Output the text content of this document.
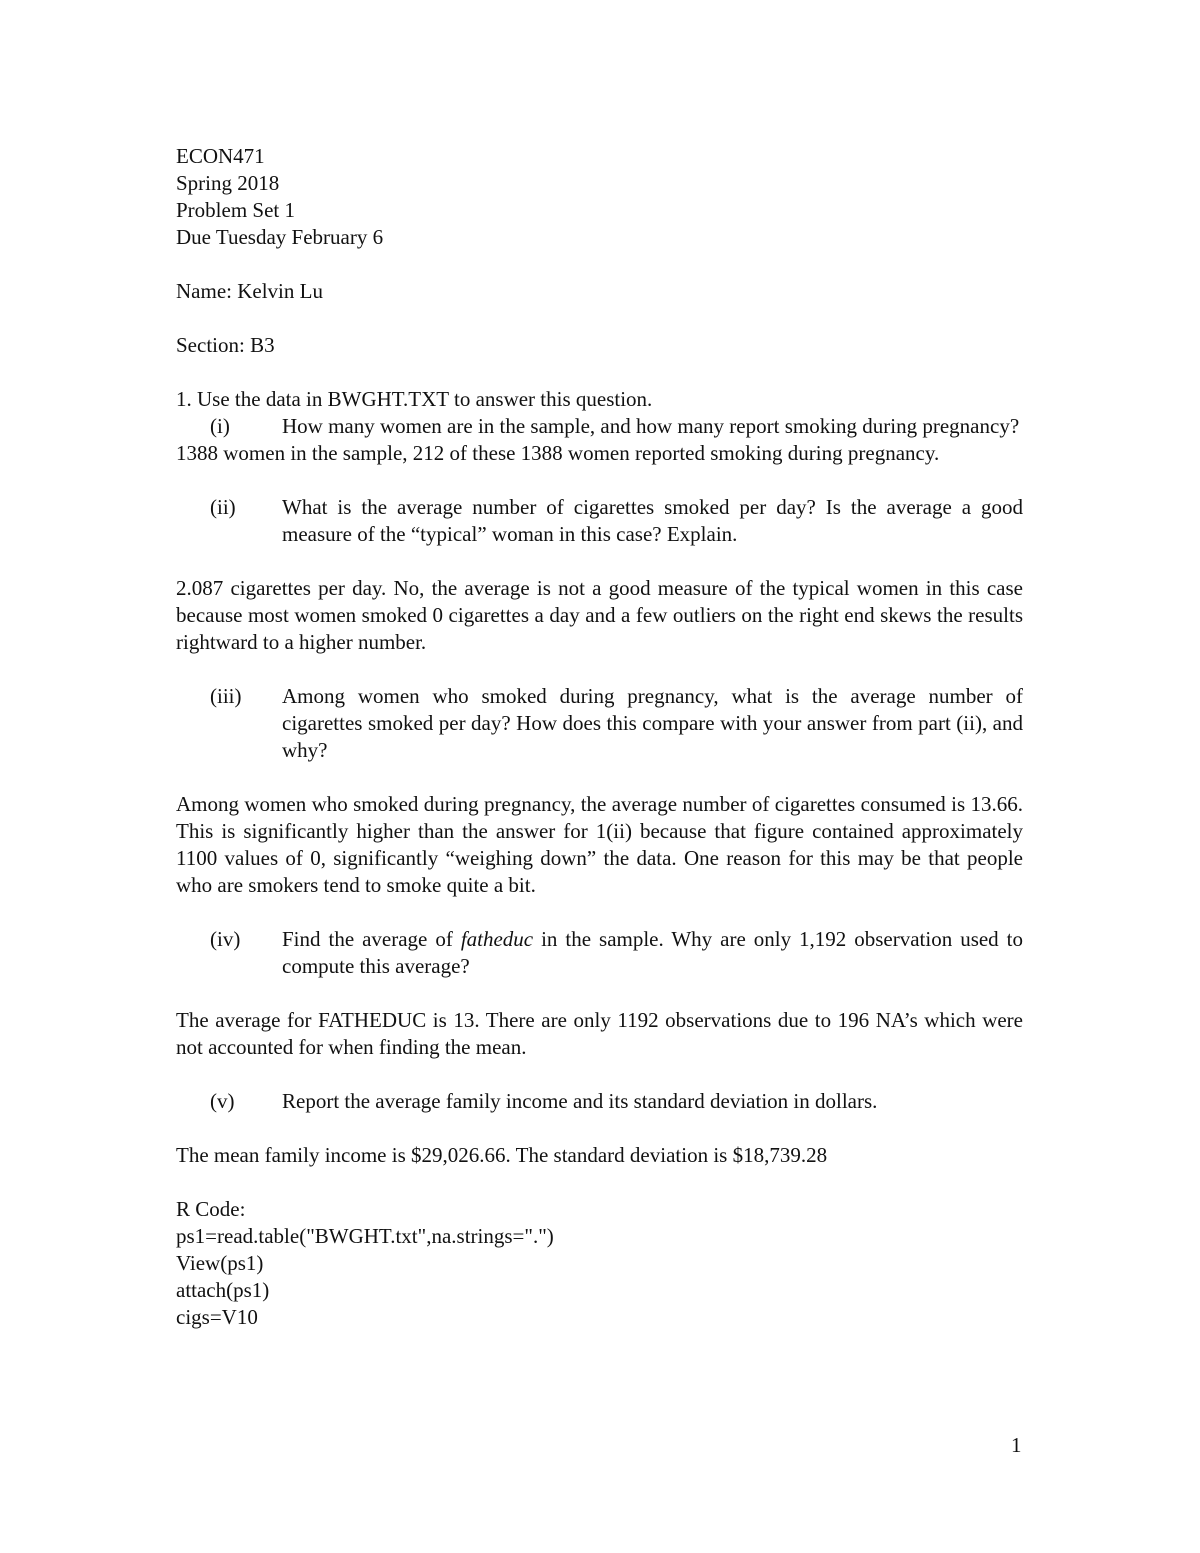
ECON471
Spring 2018
Problem Set 1
Due Tuesday February 6
Name: Kelvin Lu
Section: B3
1. Use the data in BWGHT.TXT to answer this question.
(i)	How many women are in the sample, and how many report smoking during pregnancy?
1388 women in the sample, 212 of these 1388 women reported smoking during pregnancy.
(ii)	What is the average number of cigarettes smoked per day? Is the average a good measure of the “typical” woman in this case? Explain.
2.087 cigarettes per day. No, the average is not a good measure of the typical women in this case because most women smoked 0 cigarettes a day and a few outliers on the right end skews the results rightward to a higher number.
(iii)	Among women who smoked during pregnancy, what is the average number of cigarettes smoked per day? How does this compare with your answer from part (ii), and why?
Among women who smoked during pregnancy, the average number of cigarettes consumed is 13.66. This is significantly higher than the answer for 1(ii) because that figure contained approximately 1100 values of 0, significantly “weighing down” the data. One reason for this may be that people who are smokers tend to smoke quite a bit.
(iv)	Find the average of fatheduc in the sample. Why are only 1,192 observation used to compute this average?
The average for FATHEDUC is 13. There are only 1192 observations due to 196 NA’s which were not accounted for when finding the mean.
(v)	Report the average family income and its standard deviation in dollars.
The mean family income is $29,026.66. The standard deviation is $18,739.28
R Code:
ps1=read.table("BWGHT.txt",na.strings=".")
View(ps1)
attach(ps1)
cigs=V10
1
